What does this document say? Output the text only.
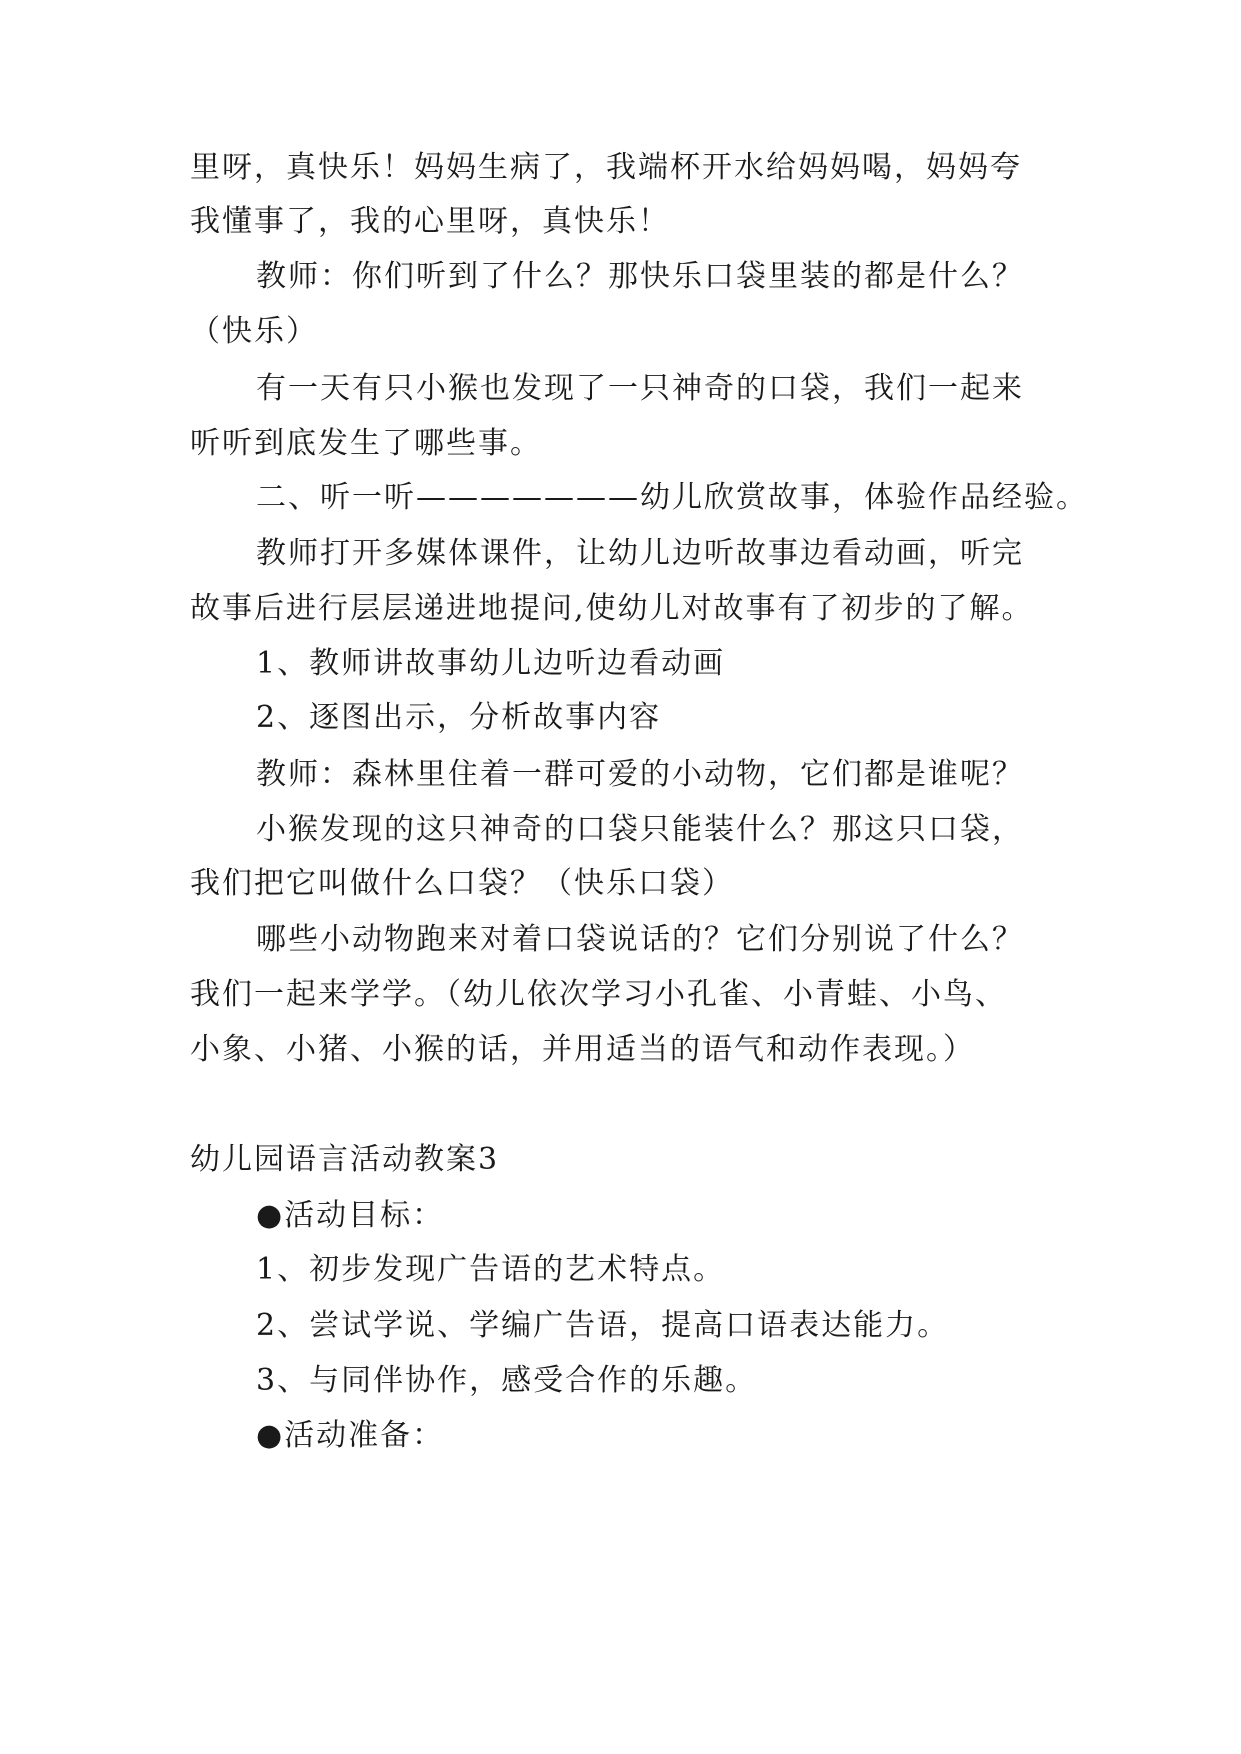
里呀，真快乐！妈妈生病了，我端杯开水给妈妈喝，妈妈夸
我懂事了，我的心里呀，真快乐！
教师：你们听到了什么？那快乐口袋里装的都是什么？
（快乐）
有一天有只小猴也发现了一只神奇的口袋，我们一起来
听听到底发生了哪些事。
二、听一听———————幼儿欣赏故事，体验作品经验。
教师打开多媒体课件，让幼儿边听故事边看动画，听完
故事后进行层层递进地提问,使幼儿对故事有了初步的了解。
1、教师讲故事幼儿边听边看动画
2、逐图出示，分析故事内容
教师：森林里住着一群可爱的小动物，它们都是谁呢？
小猴发现的这只神奇的口袋只能装什么？那这只口袋，
我们把它叫做什么口袋？（快乐口袋）
哪些小动物跑来对着口袋说话的？它们分别说了什么？
我们一起来学学。（幼儿依次学习小孔雀、小青蛙、小鸟、
小象、小猪、小猴的话，并用适当的语气和动作表现。）
幼儿园语言活动教案3
●活动目标：
1、初步发现广告语的艺术特点。
2、尝试学说、学编广告语，提高口语表达能力。
3、与同伴协作，感受合作的乐趣。
●活动准备：
